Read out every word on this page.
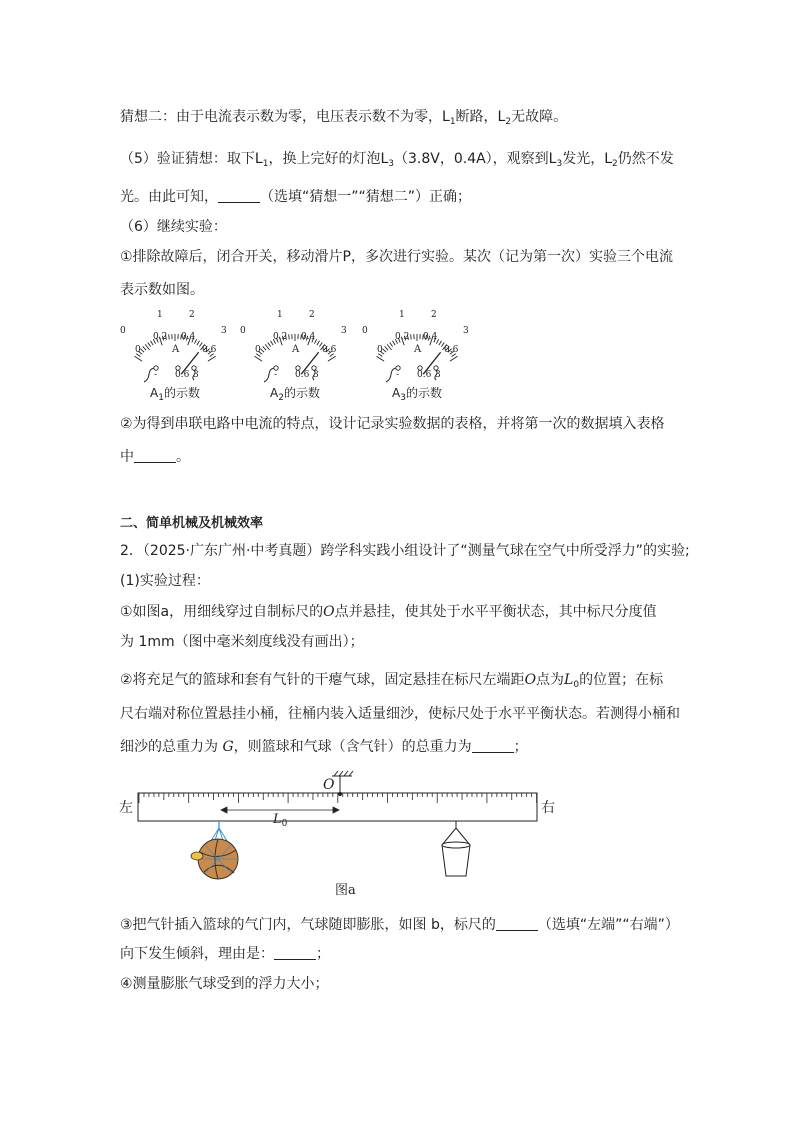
猜想二：由于电流表示数为零，电压表示数不为零，$L_1$断路，$L_2$无故障。
（5）验证猜想：取下$L_1$，换上完好的灯泡$L_3(3.8V$，0.4A），观察到$L_3$发光，$L_2$仍然不发
光。由此可知，	（选填“猜想一”“猜想二”）正确；
（6）继续实验：
①排除故障后，闭合开关，移动滑片P，多次进行实验。某次（记为第一次）实验三个电流
表示数如图。
0
1	2
3
0
0.2 0.4
0.6
A
- 0.6 3
$A_1$的示数
0
1	2
3
0
0.2 0.4
0.6
A
- 0.6 3
$A_2$的示数
0
1	2
3
0
0.2 0.4
0.6
A
- 0.6 3
$A_3$的示数
②为得到串联电路中电流的特点，设计记录实验数据的表格，并将第一次的数据填入表格
中	。
二、简单机械及机械效率
2．（2025·广东广州·中考真题）跨学科实践小组设计了“测量气球在空气中所受浮力”的实验;
(1)实验过程：
①如图a，用细线穿过自制标尺的O点并悬挂，使其处于水平平衡状态，其中标尺分度值
为 1mm（图中毫米刻度线没有画出）；
②将充足气的篮球和套有气针的干瘪气球，固定悬挂在标尺左端距O点为$L_0$的位置；在标
尺右端对称位置悬挂小桶，往桶内装入适量细沙，使标尺处于水平平衡状态。若测得小桶和
细沙的总重力为 G，则篮球和气球（含气针）的总重力为	；
左	右
O
$L_0$
图a
③把气针插入篮球的气门内，气球随即膨胀，如图 b，标尺的	（选填“左端”“右端”）
向下发生倾斜，理由是：	；
④测量膨胀气球受到的浮力大小；
